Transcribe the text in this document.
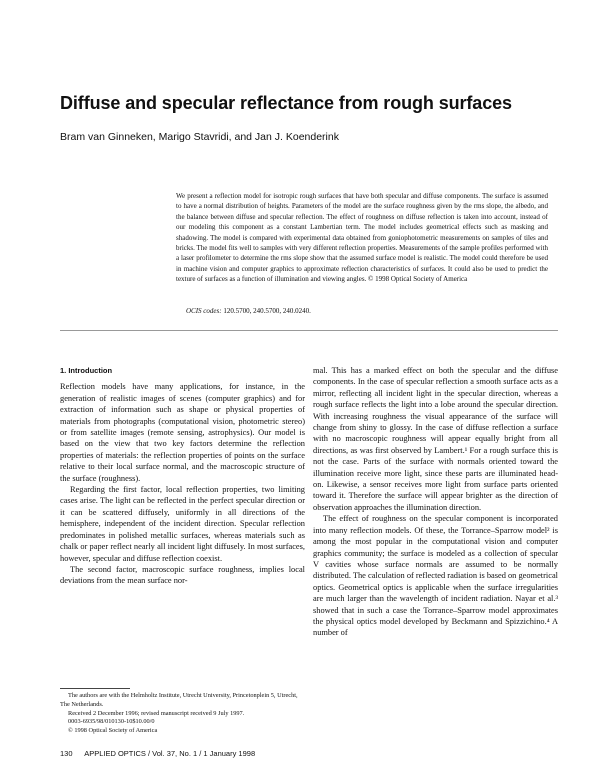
Diffuse and specular reflectance from rough surfaces
Bram van Ginneken, Marigo Stavridi, and Jan J. Koenderink

We present a reflection model for isotropic rough surfaces that have both specular and diffuse components. The surface is assumed to have a normal distribution of heights. Parameters of the model are the surface roughness given by the rms slope, the albedo, and the balance between diffuse and specular reflection. The effect of roughness on diffuse reflection is taken into account, instead of our modeling this component as a constant Lambertian term. The model includes geometrical effects such as masking and shadowing. The model is compared with experimental data obtained from goniophotometric measurements on samples of tiles and bricks. The model fits well to samples with very different reflection properties. Measurements of the sample profiles performed with a laser profilometer to determine the rms slope show that the assumed surface model is realistic. The model could therefore be used in machine vision and computer graphics to approximate reflection characteristics of surfaces. It could also be used to predict the texture of surfaces as a function of illumination and viewing angles. © 1998 Optical Society of America

OCIS codes: 120.5700, 240.5700, 240.0240.
1. Introduction

Reflection models have many applications, for instance, in the generation of realistic images of scenes (computer graphics) and for extraction of information such as shape or physical properties of materials from photographs (computational vision, photometric stereo) or from satellite images (remote sensing, astrophysics). Our model is based on the view that two key factors determine the reflection properties of materials: the reflection properties of points on the surface relative to their local surface normal, and the macroscopic structure of the surface (roughness).

Regarding the first factor, local reflection properties, two limiting cases arise. The light can be reflected in the perfect specular direction or it can be scattered diffusely, uniformly in all directions of the hemisphere, independent of the incident direction. Specular reflection predominates in polished metallic surfaces, whereas materials such as chalk or paper reflect nearly all incident light diffusely. In most surfaces, however, specular and diffuse reflection coexist.

The second factor, macroscopic surface roughness, implies local deviations from the mean surface nor-

The authors are with the Helmholtz Institute, Utrecht University, Princetonplein 5, Utrecht, The Netherlands.

Received 2 December 1996; revised manuscript received 9 July 1997.

0003-6935/98/010130-10$10.00/0

© 1998 Optical Society of America

mal. This has a marked effect on both the specular and the diffuse components. In the case of specular reflection a smooth surface acts as a mirror, reflecting all incident light in the specular direction, whereas a rough surface reflects the light into a lobe around the specular direction. With increasing roughness the visual appearance of the surface will change from shiny to glossy. In the case of diffuse reflection a surface with no macroscopic roughness will appear equally bright from all directions, as was first observed by Lambert.¹ For a rough surface this is not the case. Parts of the surface with normals oriented toward the illumination receive more light, since these parts are illuminated head-on. Likewise, a sensor receives more light from surface parts oriented toward it. Therefore the surface will appear brighter as the direction of observation approaches the illumination direction.

The effect of roughness on the specular component is incorporated into many reflection models. Of these, the Torrance–Sparrow model² is among the most popular in the computational vision and computer graphics community; the surface is modeled as a collection of specular V cavities whose surface normals are assumed to be normally distributed. The calculation of reflected radiation is based on geometrical optics. Geometrical optics is applicable when the surface irregularities are much larger than the wavelength of incident radiation. Nayar et al.³ showed that in such a case the Torrance–Sparrow model approximates the physical optics model developed by Beckmann and Spizzichino.⁴ A number of

130 APPLIED OPTICS / Vol. 37, No. 1 / 1 January 1998
